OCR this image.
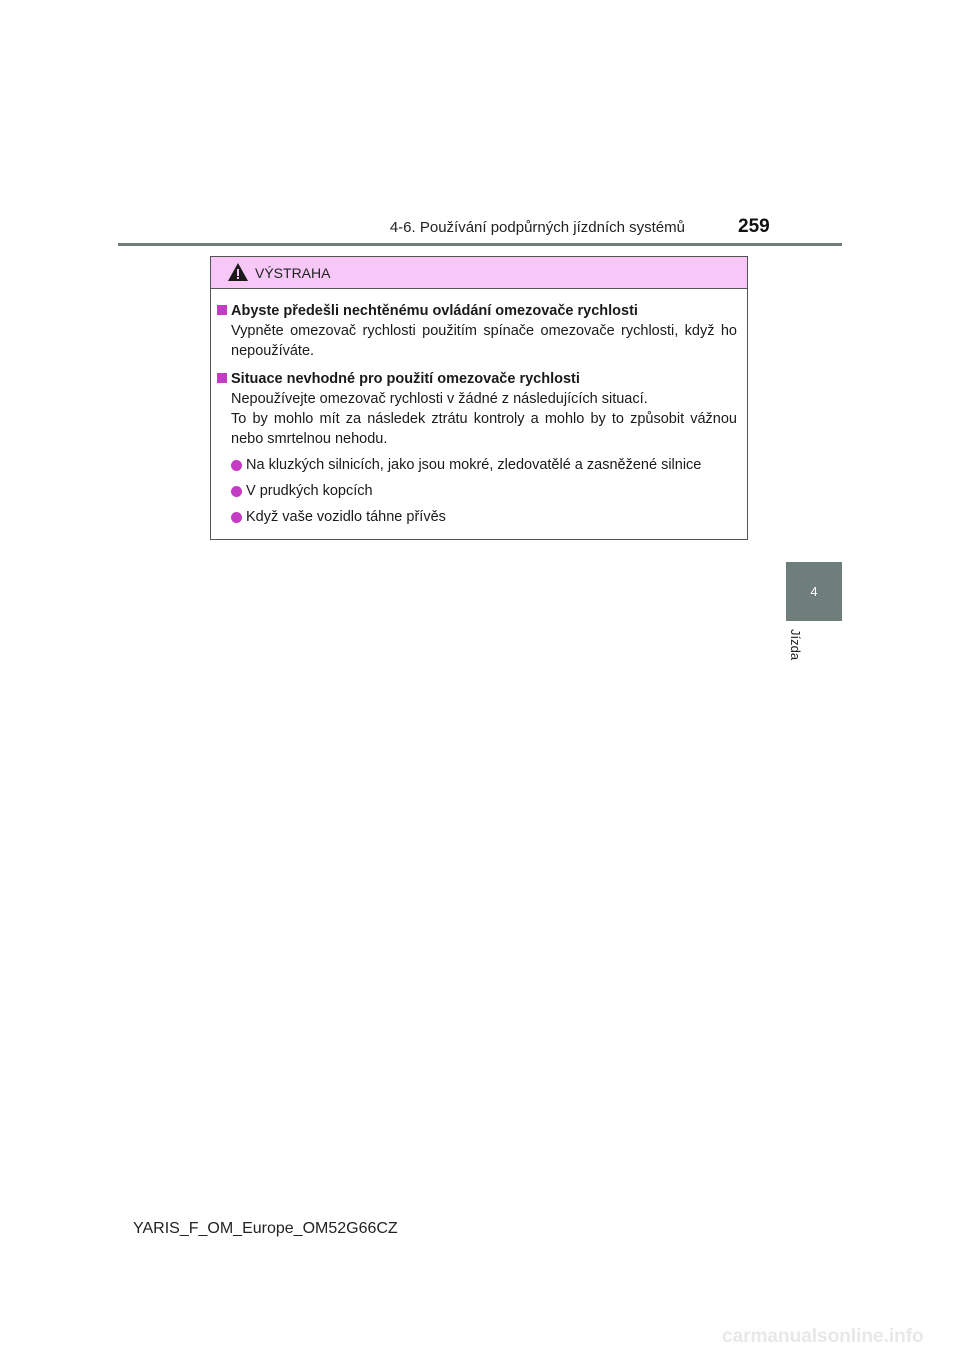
4-6. Používání podpůrných jízdních systémů	259
VÝSTRAHA
Abyste předešli nechtěnému ovládání omezovače rychlosti
Vypněte omezovač rychlosti použitím spínače omezovače rychlosti, když ho nepoužíváte.
Situace nevhodné pro použití omezovače rychlosti
Nepoužívejte omezovač rychlosti v žádné z následujících situací.
To by mohlo mít za následek ztrátu kontroly a mohlo by to způsobit vážnou nebo smrtelnou nehodu.
Na kluzkých silnicích, jako jsou mokré, zledovatělé a zasněžené silnice
V prudkých kopcích
Když vaše vozidlo táhne přívěs
4
Jízda
YARIS_F_OM_Europe_OM52G66CZ
carmanualsonline.info
